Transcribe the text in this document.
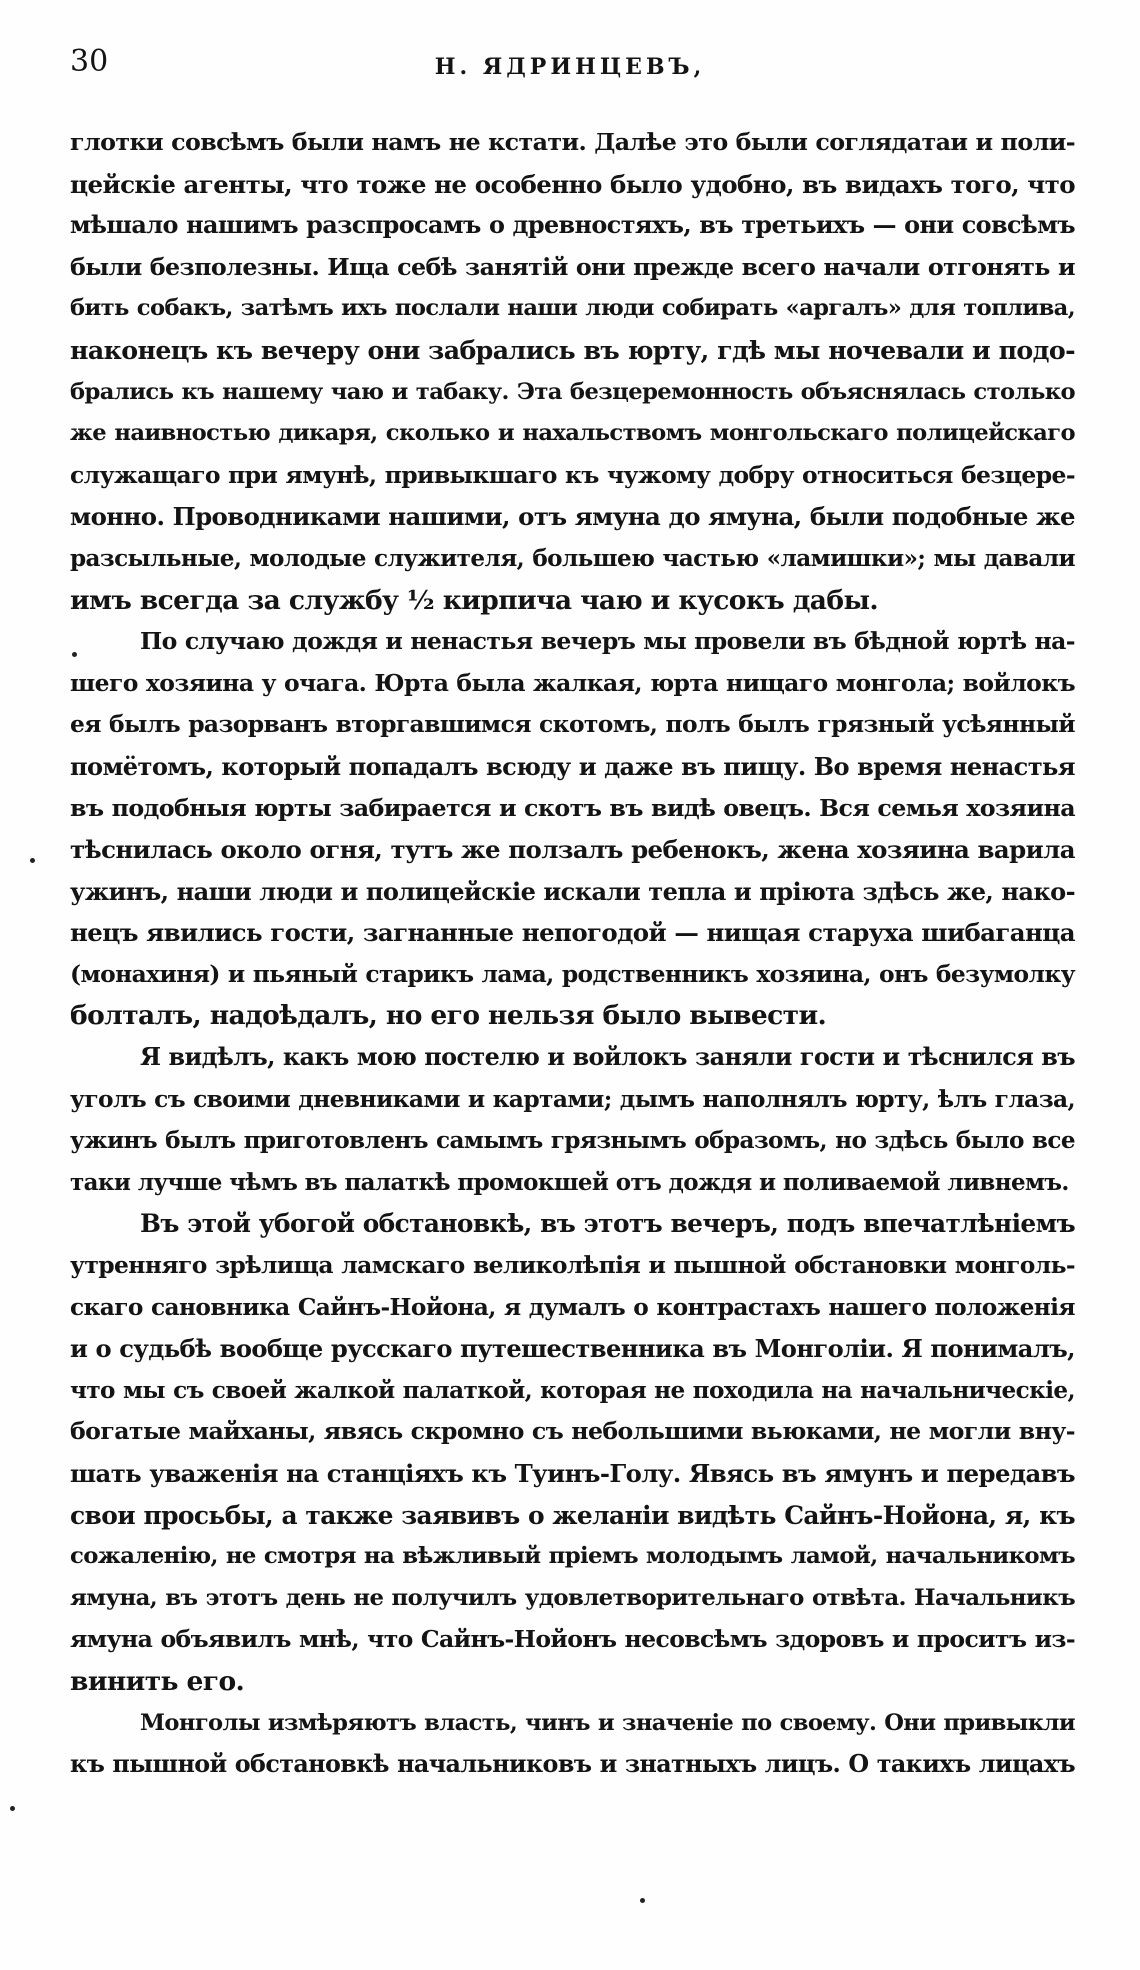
30	Н. ЯДРИНЦЕВЪ,

глотки совсѣмъ были намъ не кстати. Далѣе это были соглядатаи и поли-
цейскіе агенты, что тоже не особенно было удобно, въ видахъ того, что
мѣшало нашимъ разспросамъ о древностяхъ, въ третьихъ — они совсѣмъ
были безполезны. Ища себѣ занятій они прежде всего начали отгонять и
бить собакъ, затѣмъ ихъ послали наши люди собирать «аргалъ» для топлива,
наконецъ къ вечеру они забрались въ юрту, гдѣ мы ночевали и подо-
брались къ нашему чаю и табаку. Эта безцеремонность объяснялась столько
же наивностью дикаря, сколько и нахальствомъ монгольскаго полицейскаго
служащаго при ямунѣ, привыкшаго къ чужому добру относиться безцере-
монно. Проводниками нашими, отъ ямуна до ямуна, были подобные же
разсыльные, молодые служителя, большею частью «ламишки»; мы давали
имъ всегда за службу ½ кирпича чаю и кусокъ дабы.

По случаю дождя и ненастья вечеръ мы провели въ бѣдной юртѣ на-
шего хозяина у очага. Юрта была жалкая, юрта нищаго монгола; войлокъ
ея былъ разорванъ вторгавшимся скотомъ, полъ былъ грязный усѣянный
помётомъ, который попадалъ всюду и даже въ пищу. Во время ненастья
въ подобныя юрты забирается и скотъ въ видѣ овецъ. Вся семья хозяина
тѣснилась около огня, тутъ же ползалъ ребенокъ, жена хозяина варила
ужинъ, наши люди и полицейскіе искали тепла и пріюта здѣсь же, нако-
нецъ явились гости, загнанные непогодой — нищая старуха шибаганца
(монахиня) и пьяный старикъ лама, родственникъ хозяина, онъ безумолку
болталъ, надоѣдалъ, но его нельзя было вывести.

Я видѣлъ, какъ мою постелю и войлокъ заняли гости и тѣснился въ
уголъ съ своими дневниками и картами; дымъ наполнялъ юрту, ѣлъ глаза,
ужинъ былъ приготовленъ самымъ грязнымъ образомъ, но здѣсь было все
таки лучше чѣмъ въ палаткѣ промокшей отъ дождя и поливаемой ливнемъ.

Въ этой убогой обстановкѣ, въ этотъ вечеръ, подъ впечатлѣніемъ
утренняго зрѣлища ламскаго великолѣпія и пышной обстановки монголь-
скаго сановника Сайнъ-Нойона, я думалъ о контрастахъ нашего положенія
и о судьбѣ вообще русскаго путешественника въ Монголіи. Я понималъ,
что мы съ своей жалкой палаткой, которая не походила на начальническіе,
богатые майханы, явясь скромно съ небольшими вьюками, не могли вну-
шать уваженія на станціяхъ къ Туинъ-Голу. Явясь въ ямунъ и передавъ
свои просьбы, а также заявивъ о желаніи видѣть Сайнъ-Нойона, я, къ
сожаленію, не смотря на вѣжливый пріемъ молодымъ ламой, начальникомъ
ямуна, въ этотъ день не получилъ удовлетворительнаго отвѣта. Начальникъ
ямуна объявилъ мнѣ, что Сайнъ-Нойонъ несовсѣмъ здоровъ и проситъ из-
винить его.

Монголы измѣряютъ власть, чинъ и значеніе по своему. Они привыкли
къ пышной обстановкѣ начальниковъ и знатныхъ лицъ. О такихъ лицахъ
